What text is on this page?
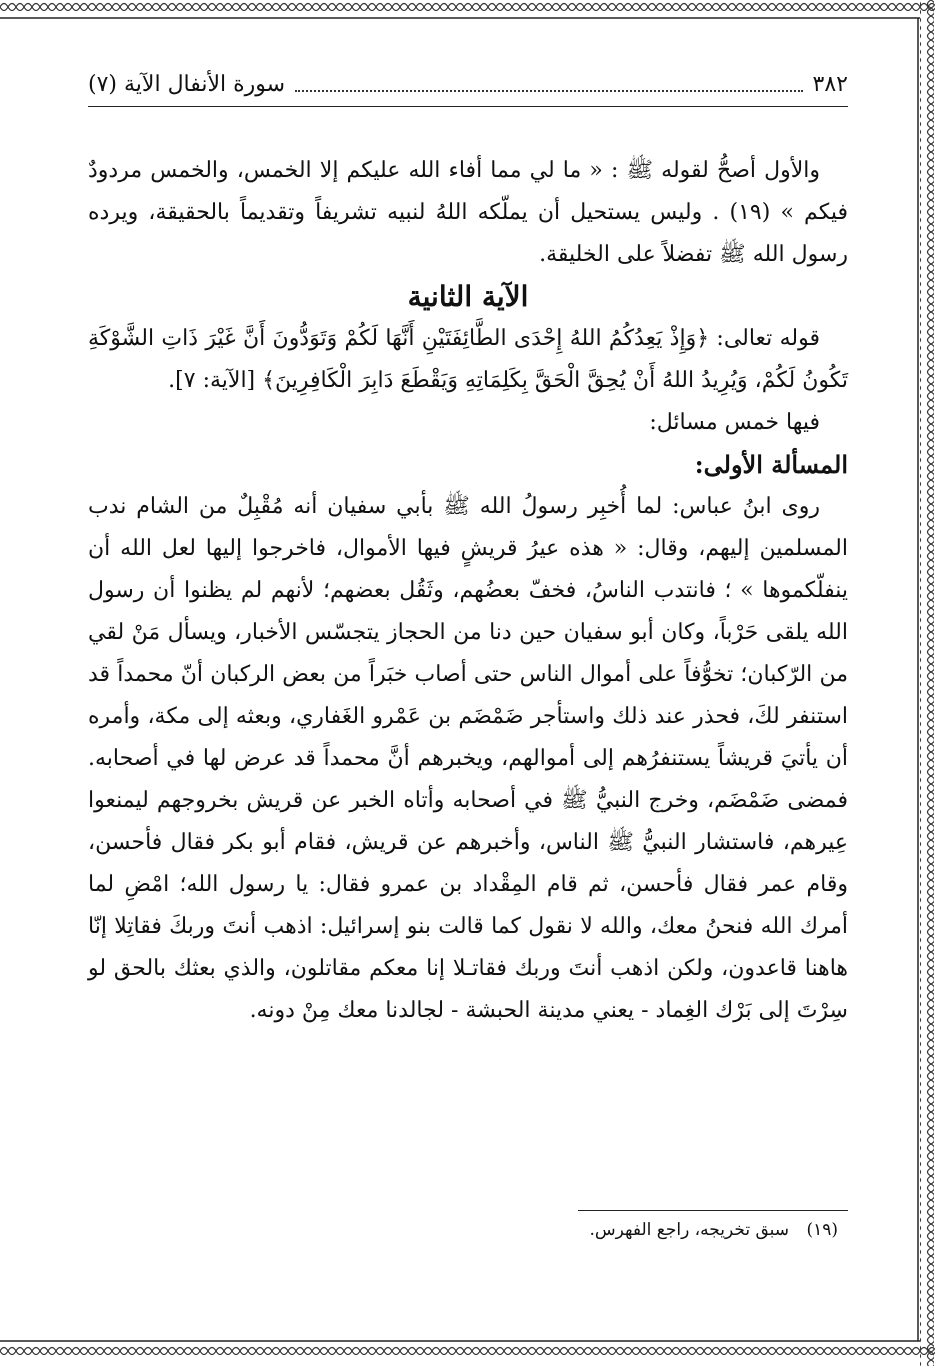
٣٨٢
سورة الأنفال الآية (٧)

والأول أصحُّ لقوله ﷺ : « ما لي مما أفاء الله عليكم إلا الخمس، والخمس مردودٌ فيكم » (١٩) . وليس يستحيل أن يملّكه اللهُ لنبيه تشريفاً وتقديماً بالحقيقة، ويرده رسول الله ﷺ تفضلاً على الخليقة.

الآية الثانية

قوله تعالى: ﴿وَإِذْ يَعِدُكُمُ اللهُ إِحْدَى الطَّائِفَتَيْنِ أَنَّهَا لَكُمْ وَتَوَدُّونَ أَنَّ غَيْرَ ذَاتِ الشَّوْكَةِ تَكُونُ لَكُمْ، وَيُرِيدُ اللهُ أَنْ يُحِقَّ الْحَقَّ بِكَلِمَاتِهِ وَيَقْطَعَ دَابِرَ الْكَافِرِينَ﴾ [الآية: ٧].

فيها خمس مسائل:

المسألة الأولى:

روى ابنُ عباس: لما أُخبِر رسولُ الله ﷺ بأبي سفيان أنه مُقْبِلٌ من الشام ندب المسلمين إليهم، وقال: « هذه عيرُ قريشٍ فيها الأموال، فاخرجوا إليها لعل الله أن ينفلّكموها » ؛ فانتدب الناسُ، فخفّ بعضُهم، وثَقُل بعضهم؛ لأنهم لم يظنوا أن رسول الله يلقى حَرْباً، وكان أبو سفيان حين دنا من الحجاز يتجسّس الأخبار، ويسأل مَنْ لقي من الرّكبان؛ تخوُّفاً على أموال الناس حتى أصاب خبَراً من بعض الركبان أنّ محمداً قد استنفر لكَ، فحذر عند ذلك واستأجر ضَمْضَم بن عَمْرو الغَفاري، وبعثه إلى مكة، وأمره أن يأتيَ قريشاً يستنفرُهم إلى أموالهم، ويخبرهم أنَّ محمداً قد عرض لها في أصحابه. فمضى ضَمْضَم، وخرج النبيُّ ﷺ في أصحابه وأتاه الخبر عن قريش بخروجهم ليمنعوا عِيرهم، فاستشار النبيُّ ﷺ الناس، وأخبرهم عن قريش، فقام أبو بكر فقال فأحسن، وقام عمر فقال فأحسن، ثم قام المِقْداد بن عمرو فقال: يا رسول الله؛ امْضِ لما أمرك الله فنحنُ معك، والله لا نقول كما قالت بنو إسرائيل: اذهب أنتَ وربكَ فقاتِلا إنّا هاهنا قاعدون، ولكن اذهب أنتَ وربك فقاتـلا إنا معكم مقاتلون، والذي بعثك بالحق لو سِرْتَ إلى بَرْك الغِماد - يعني مدينة الحبشة - لجالدنا معك مِنْ دونه.

(١٩) سبق تخريجه، راجع الفهرس.
